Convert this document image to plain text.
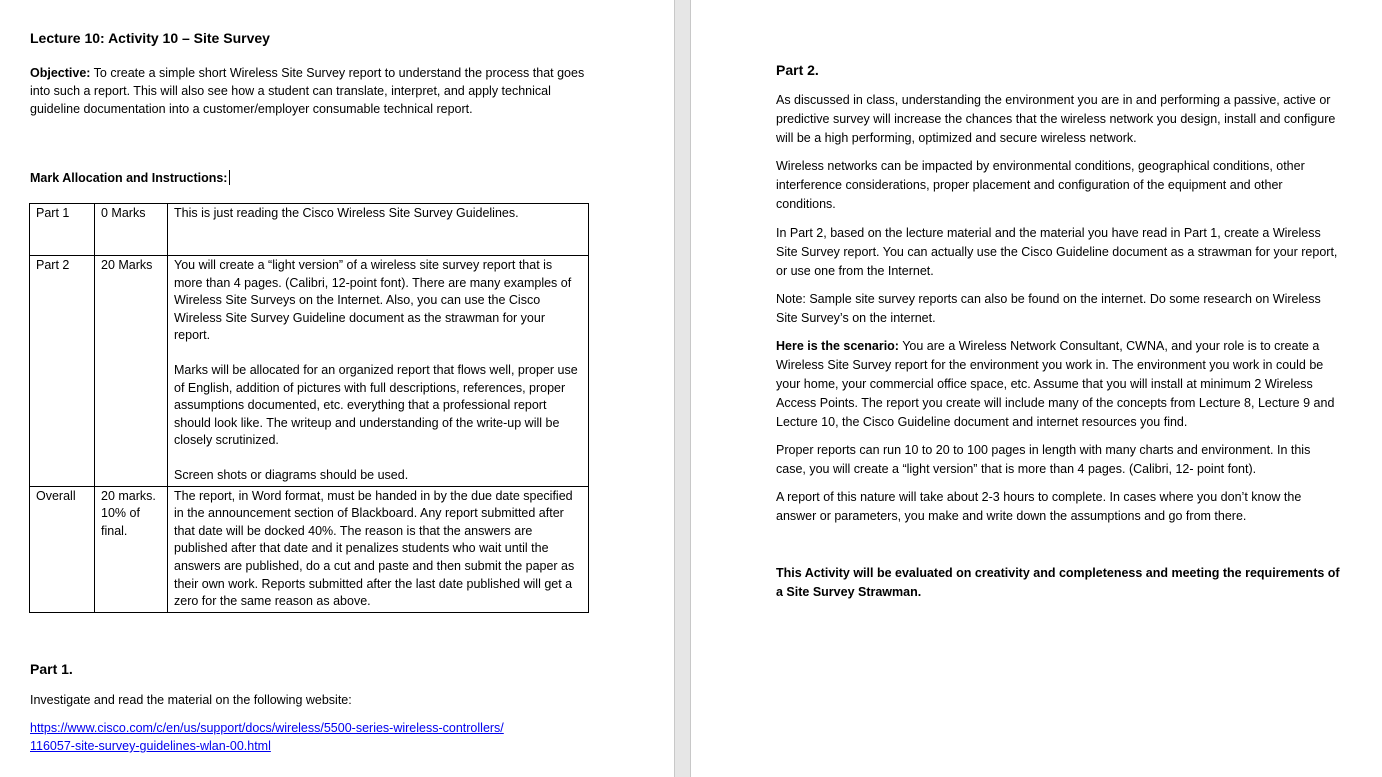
Lecture 10: Activity 10 – Site Survey
Objective: To create a simple short Wireless Site Survey report to understand the process that goes into such a report. This will also see how a student can translate, interpret, and apply technical guideline documentation into a customer/employer consumable technical report.
Mark Allocation and Instructions:
Part 1	0 Marks	This is just reading the Cisco Wireless Site Survey Guidelines.
Part 2	20 Marks	You will create a “light version” of a wireless site survey report that is more than 4 pages. (Calibri, 12-point font). There are many examples of Wireless Site Surveys on the Internet. Also, you can use the Cisco Wireless Site Survey Guideline document as the strawman for your report.

Marks will be allocated for an organized report that flows well, proper use of English, addition of pictures with full descriptions, references, proper assumptions documented, etc. everything that a professional report should look like. The writeup and understanding of the write-up will be closely scrutinized.

Screen shots or diagrams should be used.

Overall	20 marks. 10% of final.	The report, in Word format, must be handed in by the due date specified in the announcement section of Blackboard. Any report submitted after that date will be docked 40%. The reason is that the answers are published after that date and it penalizes students who wait until the answers are published, do a cut and paste and then submit the paper as their own work. Reports submitted after the last date published will get a zero for the same reason as above.
Part 1.
Investigate and read the material on the following website:
https://www.cisco.com/c/en/us/support/docs/wireless/5500-series-wireless-controllers/116057-site-survey-guidelines-wlan-00.html
Part 2.
As discussed in class, understanding the environment you are in and performing a passive, active or predictive survey will increase the chances that the wireless network you design, install and configure will be a high performing, optimized and secure wireless network.
Wireless networks can be impacted by environmental conditions, geographical conditions, other interference considerations, proper placement and configuration of the equipment and other conditions.
In Part 2, based on the lecture material and the material you have read in Part 1, create a Wireless Site Survey report. You can actually use the Cisco Guideline document as a strawman for your report, or use one from the Internet.
Note: Sample site survey reports can also be found on the internet. Do some research on Wireless Site Survey’s on the internet.
Here is the scenario: You are a Wireless Network Consultant, CWNA, and your role is to create a Wireless Site Survey report for the environment you work in. The environment you work in could be your home, your commercial office space, etc. Assume that you will install at minimum 2 Wireless Access Points. The report you create will include many of the concepts from Lecture 8, Lecture 9 and Lecture 10, the Cisco Guideline document and internet resources you find.
Proper reports can run 10 to 20 to 100 pages in length with many charts and environment. In this case, you will create a “light version” that is more than 4 pages. (Calibri, 12- point font).
A report of this nature will take about 2-3 hours to complete. In cases where you don’t know the answer or parameters, you make and write down the assumptions and go from there.
This Activity will be evaluated on creativity and completeness and meeting the requirements of a Site Survey Strawman.
